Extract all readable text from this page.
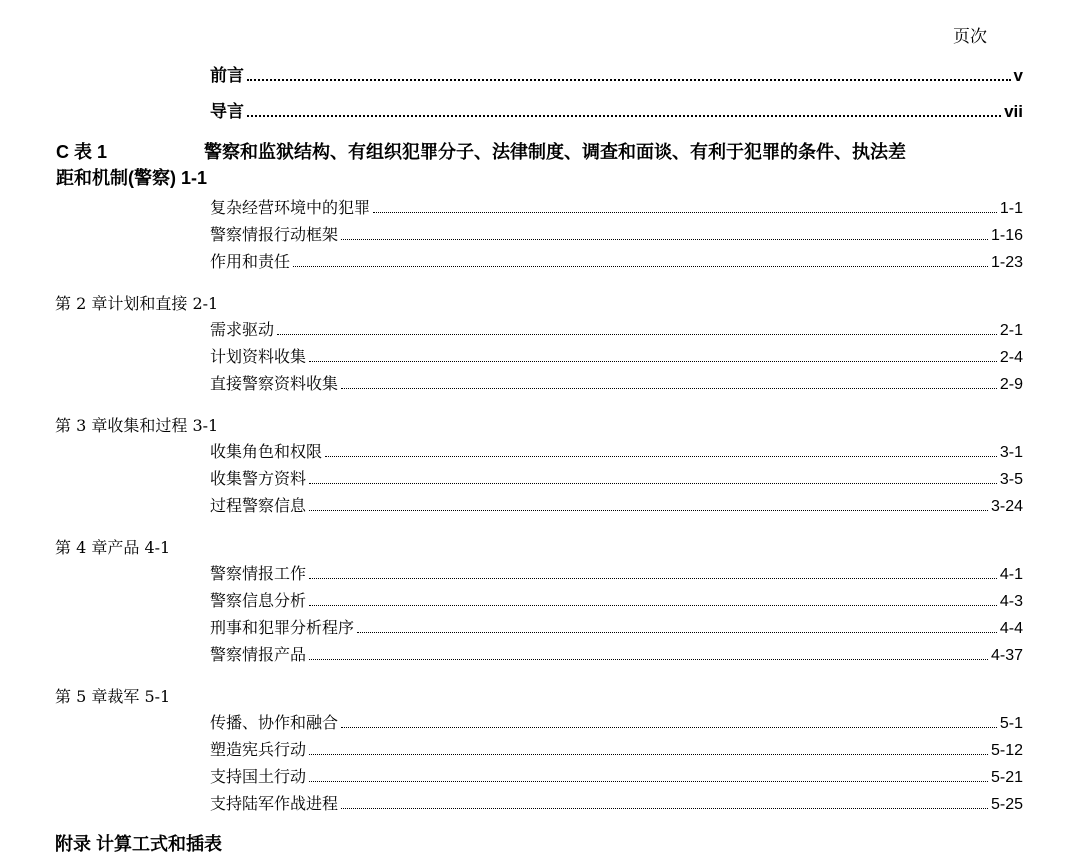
页次
前言	v
导言	vii
C 表 1	警察和监狱结构、有组织犯罪分子、法律制度、调查和面谈、有利于犯罪的条件、执法差
距和机制(警察) 1-1
复杂经营环境中的犯罪	1-1
警察情报行动框架	1-16
作用和责任	1-23
第 2 章计划和直接 2-1
需求驱动	2-1
计划资料收集	2-4
直接警察资料收集	2-9
第 3 章收集和过程 3-1
收集角色和权限	3-1
收集警方资料	3-5
过程警察信息	3-24
第 4 章产品 4-1
警察情报工作	4-1
警察信息分析	4-3
刑事和犯罪分析程序	4-4
警察情报产品	4-37
第 5 章裁军 5-1
传播、协作和融合	5-1
塑造宪兵行动	5-12
支持国土行动	5-21
支持陆军作战进程	5-25
附录 计算工式和插表
